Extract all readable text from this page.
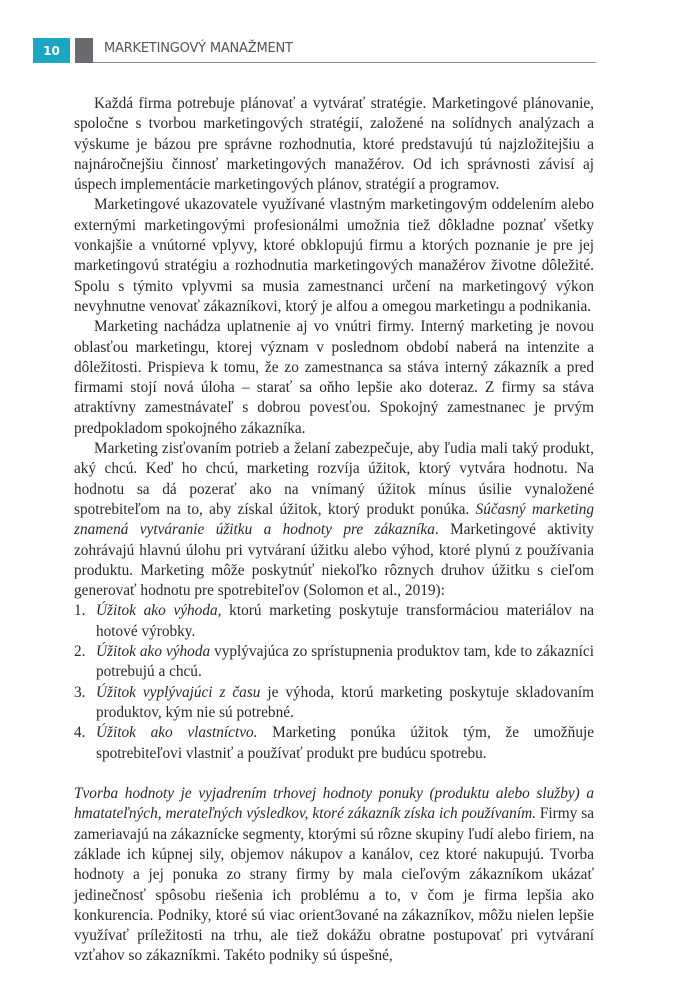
10	MARKETINGOVÝ MANAŽMENT

Každá firma potrebuje plánovať a vytvárať stratégie. Marketingové plánovanie, spoločne s tvorbou marketingových stratégií, založené na solídnych analýzach a výskume je bázou pre správne rozhodnutia, ktoré predstavujú tú najzložitejšiu a najnáročnejšiu činnosť marketingových manažérov. Od ich správnosti závisí aj úspech implementácie marketingových plánov, stratégií a programov.

Marketingové ukazovatele využívané vlastným marketingovým oddelením alebo externými marketingovými profesionálmi umožnia tiež dôkladne poznať všetky vonkajšie a vnútorné vplyvy, ktoré obklopujú firmu a ktorých poznanie je pre jej marketingovú stratégiu a rozhodnutia marketingových manažérov životne dôležité. Spolu s týmito vplyvmi sa musia zamestnanci určení na marketingový výkon nevyhnutne venovať zákazníkovi, ktorý je alfou a omegou marketingu a podnikania.

Marketing nachádza uplatnenie aj vo vnútri firmy. Interný marketing je novou oblasťou marketingu, ktorej význam v poslednom období naberá na intenzite a dôležitosti. Prispieva k tomu, že zo zamestnanca sa stáva interný zákazník a pred firmami stojí nová úloha – starať sa oňho lepšie ako doteraz. Z firmy sa stáva atraktívny zamestnávateľ s dobrou povesťou. Spokojný zamestnanec je prvým predpokladom spokojného zákazníka.

Marketing zisťovaním potrieb a želaní zabezpečuje, aby ľudia mali taký produkt, aký chcú. Keď ho chcú, marketing rozvíja úžitok, ktorý vytvára hodnotu. Na hodnotu sa dá pozerať ako na vnímaný úžitok mínus úsilie vynaložené spotrebiteľom na to, aby získal úžitok, ktorý produkt ponúka. Súčasný marketing znamená vytváranie úžitku a hodnoty pre zákazníka. Marketingové aktivity zohrávajú hlavnú úlohu pri vytváraní úžitku alebo výhod, ktoré plynú z používania produktu. Marketing môže poskytnúť niekoľko rôznych druhov úžitku s cieľom generovať hodnotu pre spotrebiteľov (Solomon et al., 2019):

1. Úžitok ako výhoda, ktorú marketing poskytuje transformáciou materiálov na hotové výrobky.
2. Úžitok ako výhoda vyplývajúca zo sprístupnenia produktov tam, kde to zákazníci potrebujú a chcú.
3. Úžitok vyplývajúci z času je výhoda, ktorú marketing poskytuje skladovaním produktov, kým nie sú potrebné.
4. Úžitok ako vlastníctvo. Marketing ponúka úžitok tým, že umožňuje spotrebiteľovi vlastniť a používať produkt pre budúcu spotrebu.

Tvorba hodnoty je vyjadrením trhovej hodnoty ponuky (produktu alebo služby) a hmatateľných, merateľných výsledkov, ktoré zákazník získa ich používaním. Firmy sa zameriavajú na zákaznícke segmenty, ktorými sú rôzne skupiny ľudí alebo firiem, na základe ich kúpnej sily, objemov nákupov a kanálov, cez ktoré nakupujú. Tvorba hodnoty a jej ponuka zo strany firmy by mala cieľovým zákazníkom ukázať jedinečnosť spôsobu riešenia ich problému a to, v čom je firma lepšia ako konkurencia. Podniky, ktoré sú viac orient3ované na zákazníkov, môžu nielen lepšie využívať príležitosti na trhu, ale tiež dokážu obratne postupovať pri vytváraní vzťahov so zákazníkmi. Takéto podniky sú úspešné,
